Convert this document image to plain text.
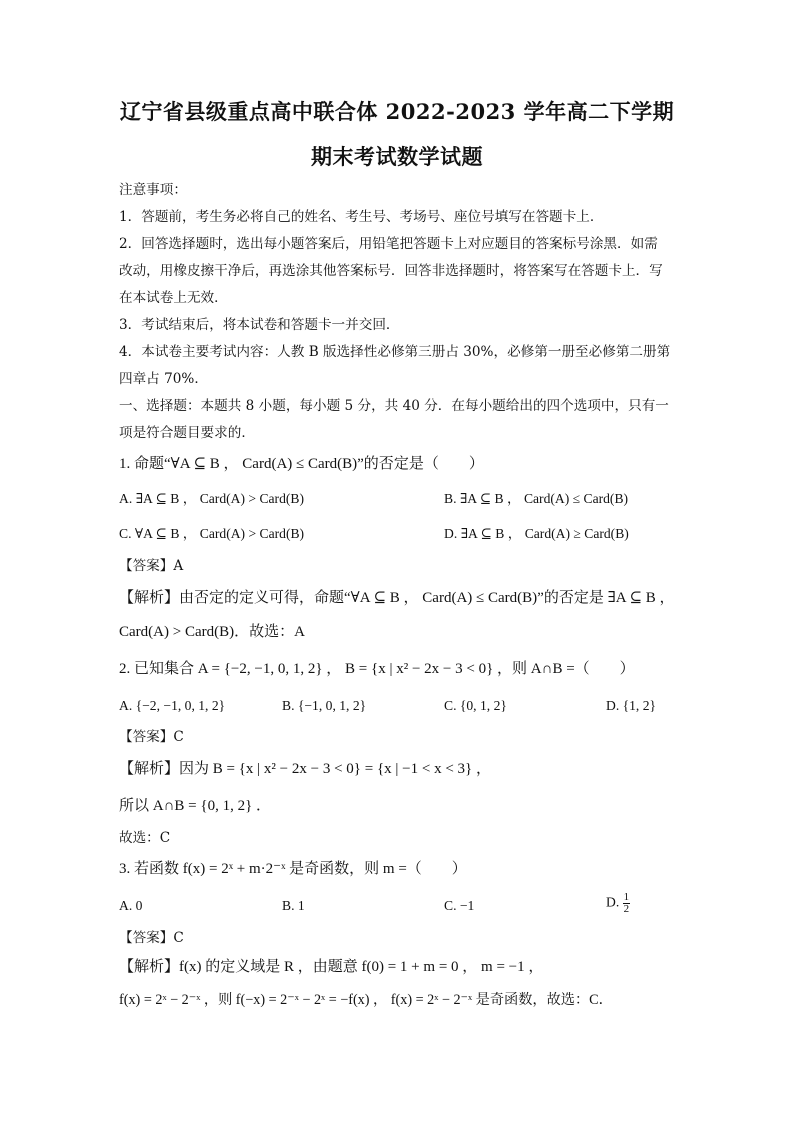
辽宁省县级重点高中联合体 2022-2023 学年高二下学期
期末考试数学试题
注意事项：
1．答题前，考生务必将自己的姓名、考生号、考场号、座位号填写在答题卡上．
2．回答选择题时，选出每小题答案后，用铅笔把答题卡上对应题目的答案标号涂黑．如需
改动，用橡皮擦干净后，再选涂其他答案标号．回答非选择题时，将答案写在答题卡上．写
在本试卷上无效．
3．考试结束后，将本试卷和答题卡一并交回．
4．本试卷主要考试内容：人教 B 版选择性必修第三册占 30%，必修第一册至必修第二册第
四章占 70%．
一、选择题：本题共 8 小题，每小题 5 分，共 40 分．在每小题给出的四个选项中，只有一
项是符合题目要求的．
1. 命题“∀A ⊆ B ， Card(A) ≤ Card(B)”的否定是（　　）
A. ∃A ⊆ B ， Card(A) > Card(B)	B. ∃A ⊆ B ， Card(A) ≤ Card(B)
C. ∀A ⊆ B ， Card(A) > Card(B)	D. ∃A ⊆ B ， Card(A) ≥ Card(B)
【答案】A
【解析】由否定的定义可得，命题“∀A ⊆ B ， Card(A) ≤ Card(B)”的否定是 ∃A ⊆ B ，
Card(A) > Card(B)．故选：A
2. 已知集合 A = {−2, −1, 0, 1, 2} ， B = {x | x² − 2x − 3 < 0} ，则 A∩B =（　　）
A. {−2, −1, 0, 1, 2}	B. {−1, 0, 1, 2}	C. {0, 1, 2}	D. {1, 2}
【答案】C
【解析】因为 B = {x | x² − 2x − 3 < 0} = {x | −1 < x < 3} ，
所以 A∩B = {0, 1, 2} ．
故选：C
3. 若函数 f(x) = 2ˣ + m·2⁻ˣ 是奇函数，则 m =（　　）
A. 0	B. 1	C. −1	D. $\frac{1}{2}$
【答案】C
【解析】f(x) 的定义域是 R ，由题意 f(0) = 1 + m = 0 ， m = −1 ，
f(x) = 2ˣ − 2⁻ˣ ，则 f(−x) = 2⁻ˣ − 2ˣ = −f(x) ， f(x) = 2ˣ − 2⁻ˣ 是奇函数，故选：C．
